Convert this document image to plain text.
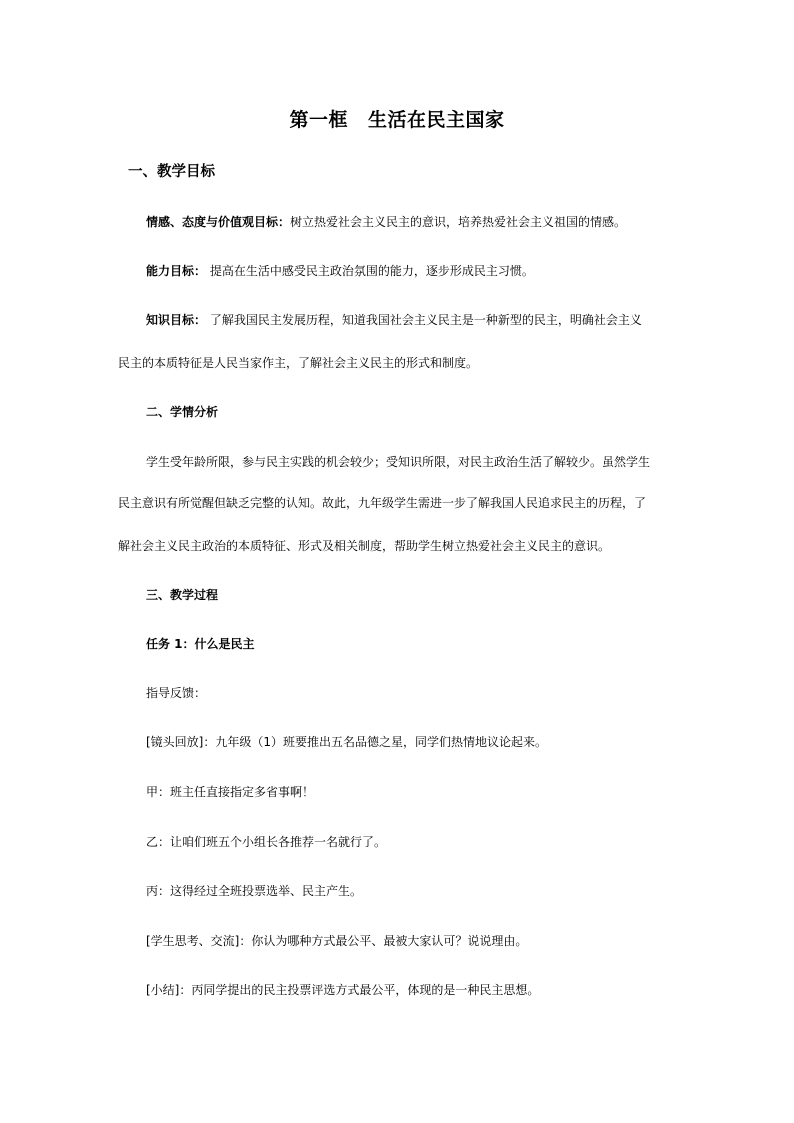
第一框 生活在民主国家
一、教学目标
情感、态度与价值观目标：树立热爱社会主义民主的意识，培养热爱社会主义祖国的情感。
能力目标： 提高在生活中感受民主政治氛围的能力，逐步形成民主习惯。
知识目标： 了解我国民主发展历程，知道我国社会主义民主是一种新型的民主，明确社会主义
民主的本质特征是人民当家作主，了解社会主义民主的形式和制度。
二、学情分析
学生受年龄所限，参与民主实践的机会较少；受知识所限，对民主政治生活了解较少。虽然学生
民主意识有所觉醒但缺乏完整的认知。故此，九年级学生需进一步了解我国人民追求民主的历程，了
解社会主义民主政治的本质特征、形式及相关制度，帮助学生树立热爱社会主义民主的意识。
三、教学过程
任务 1：什么是民主
指导反馈：
[镜头回放]：九年级（1）班要推出五名品德之星，同学们热情地议论起来。
甲：班主任直接指定多省事啊！
乙：让咱们班五个小组长各推荐一名就行了。
丙：这得经过全班投票选举、民主产生。
[学生思考、交流]：你认为哪种方式最公平、最被大家认可？说说理由。
[小结]：丙同学提出的民主投票评选方式最公平，体现的是一种民主思想。
